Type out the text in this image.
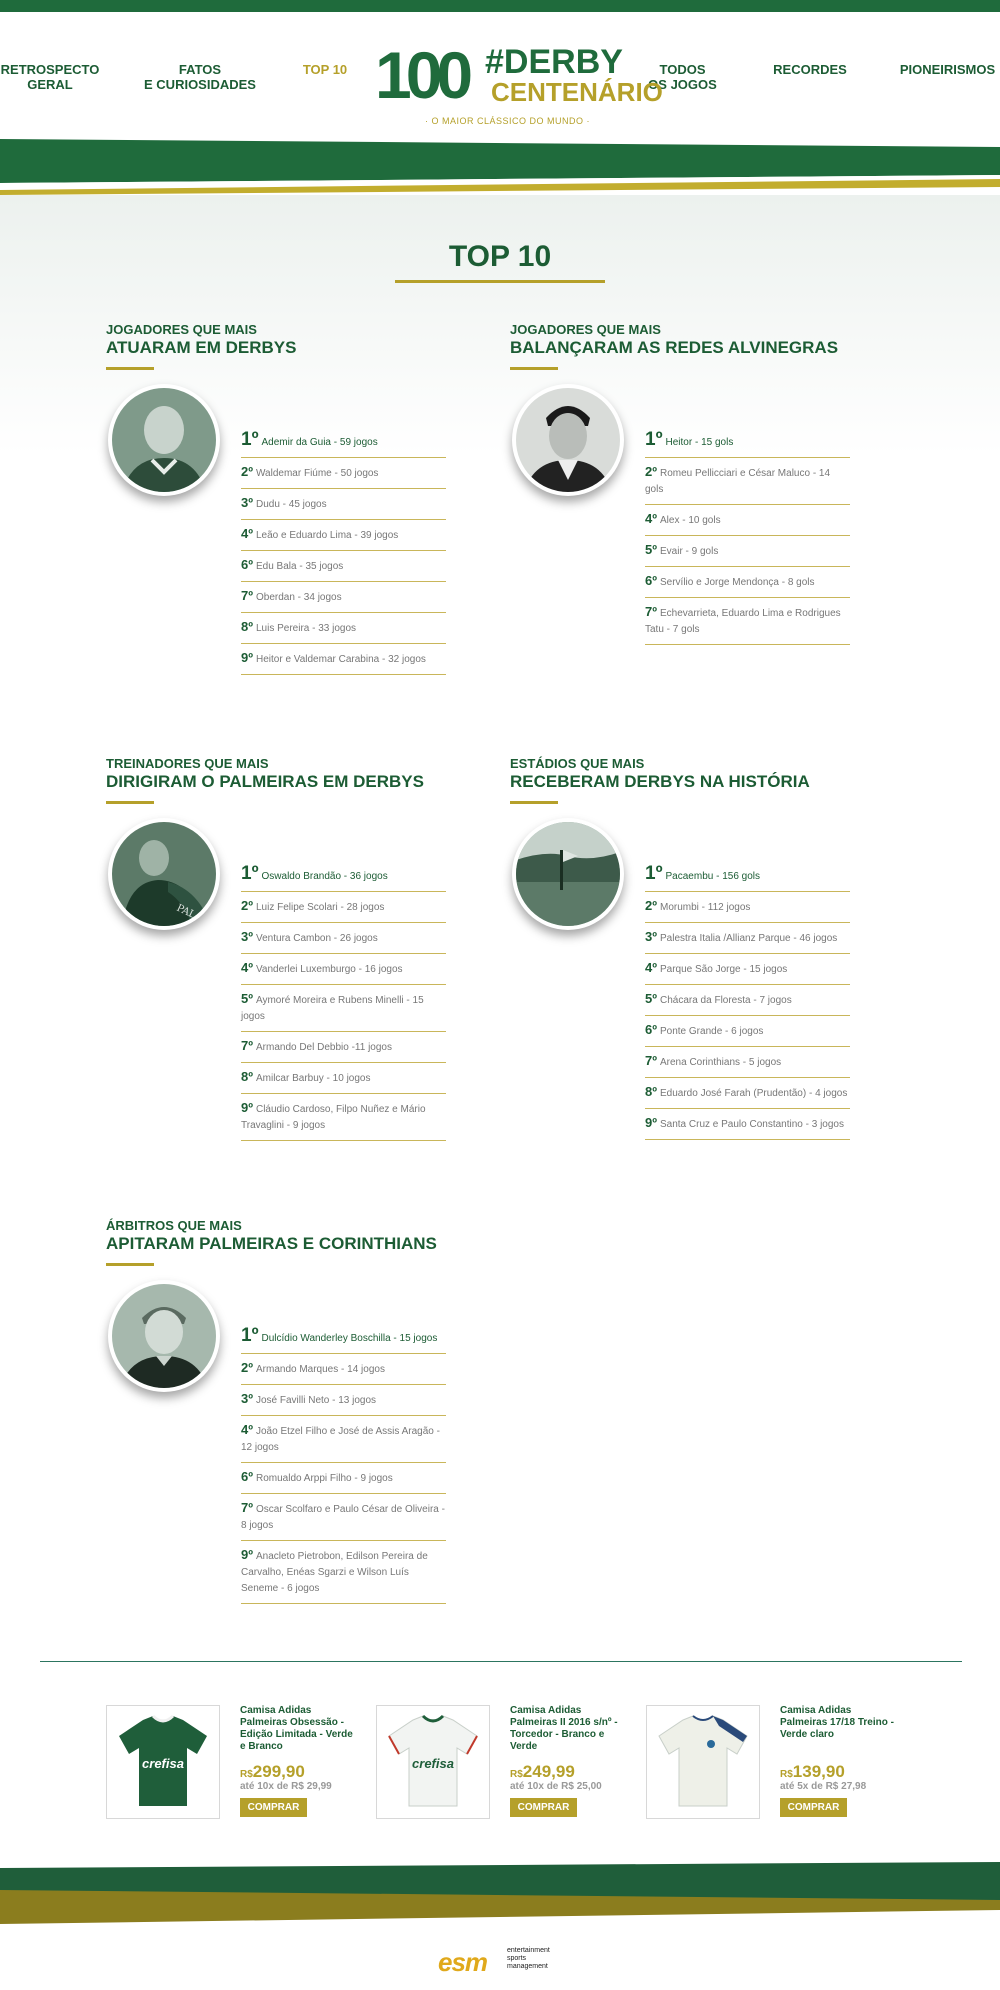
RETROSPECTO
GERAL
FATOS
E CURIOSIDADES
TOP 10	TODOS
OS JOGOS
RECORDES	PIONEIRISMOS
100 #DERBY
CENTENÁRIO
· O MAIOR CLÁSSICO DO MUNDO ·
TOP 10
JOGADORES QUE MAIS
ATUARAM EM DERBYS
1º Ademir da Guia - 59 jogos
2º Waldemar Fiúme - 50 jogos
3º Dudu - 45 jogos
4º Leão e Eduardo Lima - 39 jogos
6º Edu Bala - 35 jogos
7º Oberdan - 34 jogos
8º Luis Pereira - 33 jogos
9º Heitor e Valdemar Carabina - 32 jogos
JOGADORES QUE MAIS
BALANÇARAM AS REDES ALVINEGRAS
1º Heitor - 15 gols
2º Romeu Pellicciari e César Maluco - 14 gols
4º Alex - 10 gols
5º Evair - 9 gols
6º Servílio e Jorge Mendonça - 8 gols
7º Echevarrieta, Eduardo Lima e Rodrigues Tatu - 7 gols
TREINADORES QUE MAIS
DIRIGIRAM O PALMEIRAS EM DERBYS
PAL
1º Oswaldo Brandão - 36 jogos
2º Luiz Felipe Scolari - 28 jogos
3º Ventura Cambon - 26 jogos
4º Vanderlei Luxemburgo - 16 jogos
5º Aymoré Moreira e Rubens Minelli - 15 jogos
7º Armando Del Debbio -11 jogos
8º Amilcar Barbuy - 10 jogos
9º Cláudio Cardoso, Filpo Nuñez e Mário Travaglini - 9 jogos
ESTÁDIOS QUE MAIS
RECEBERAM DERBYS NA HISTÓRIA
1º Pacaembu - 156 gols
2º Morumbi - 112 jogos
3º Palestra Italia /Allianz Parque - 46 jogos
4º Parque São Jorge - 15 jogos
5º Chácara da Floresta - 7 jogos
6º Ponte Grande - 6 jogos
7º Arena Corinthians - 5 jogos
8º Eduardo José Farah (Prudentão) - 4 jogos
9º Santa Cruz e Paulo Constantino - 3 jogos
ÁRBITROS QUE MAIS
APITARAM PALMEIRAS E CORINTHIANS
1º Dulcídio Wanderley Boschilla - 15 jogos
2º Armando Marques - 14 jogos
3º José Favilli Neto - 13 jogos
4º João Etzel Filho e José de Assis Aragão - 12 jogos
6º Romualdo Arppi Filho - 9 jogos
7º Oscar Scolfaro e Paulo César de Oliveira - 8 jogos
9º Anacleto Pietrobon, Edilson Pereira de Carvalho, Enéas Sgarzi e Wilson Luís Seneme - 6 jogos
crefisa
Camisa Adidas Palmeiras Obsessão - Edição Limitada - Verde e Branco
R$299,90
até 10x de R$ 29,99
COMPRAR
crefisa
Camisa Adidas Palmeiras II 2016 s/nº - Torcedor - Branco e Verde
R$249,99
até 10x de R$ 25,00
COMPRAR
Camisa Adidas Palmeiras 17/18 Treino - Verde claro
R$139,90
até 5x de R$ 27,98
COMPRAR
esm	entertainment
sports
management
